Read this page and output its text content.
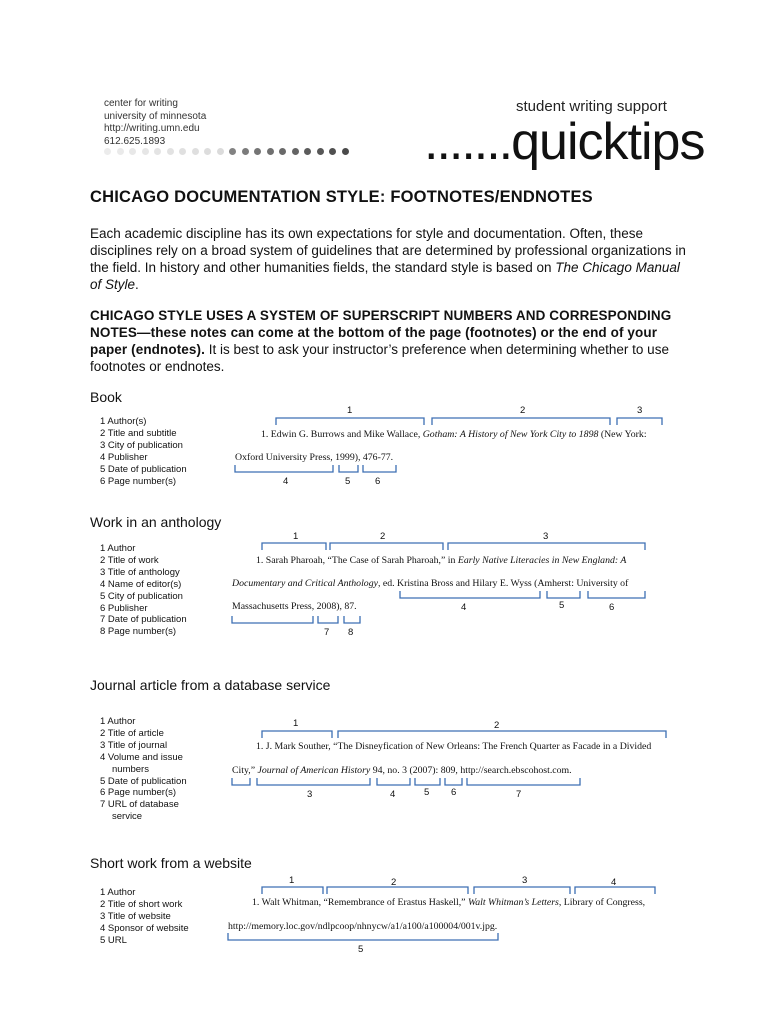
center for writing
university of minnesota
http://writing.umn.edu
612.625.1893
student writing support
.......quicktips
CHICAGO DOCUMENTATION STYLE: FOOTNOTES/ENDNOTES
Each academic discipline has its own expectations for style and documentation. Often, these disciplines rely on a broad system of guidelines that are determined by professional organizations in the field. In history and other humanities fields, the standard style is based on The Chicago Manual of Style.
CHICAGO STYLE USES A SYSTEM OF SUPERSCRIPT NUMBERS AND CORRESPONDING NOTES—these notes can come at the bottom of the page (footnotes) or the end of your paper (endnotes). It is best to ask your instructor’s preference when determining whether to use footnotes or endnotes.
Book
1 Author(s)
2 Title and subtitle
3 City of publication
4 Publisher
5 Date of publication
6 Page number(s)
1. Edwin G. Burrows and Mike Wallace, Gotham: A History of New York City to 1898 (New York:
Oxford University Press, 1999), 476-77.
Work in an anthology
1 Author
2 Title of work
3 Title of anthology
4 Name of editor(s)
5 City of publication
6 Publisher
7 Date of publication
8 Page number(s)
1. Sarah Pharoah, “The Case of Sarah Pharoah,” in Early Native Literacies in New England: A
Documentary and Critical Anthology, ed. Kristina Bross and Hilary E. Wyss (Amherst: University of
Massachusetts Press, 2008), 87.
Journal article from a database service
1 Author
2 Title of article
3 Title of journal
4 Volume and issue
numbers
5 Date of publication
6 Page number(s)
7 URL of database
service
1. J. Mark Souther, “The Disneyfication of New Orleans: The French Quarter as Facade in a Divided
City,” Journal of American History 94, no. 3 (2007): 809, http://search.ebscohost.com.
Short work from a website
1 Author
2 Title of short work
3 Title of website
4 Sponsor of website
5 URL
1. Walt Whitman, “Remembrance of Erastus Haskell,” Walt Whitman’s Letters, Library of Congress,
http://memory.loc.gov/ndlpcoop/nhnycw/a1/a100/a100004/001v.jpg.
1	2	3
4	5	6
1	2	3
4	5	6
7 8
1	2
3	4	5 6	7
1	2	3	4
5
